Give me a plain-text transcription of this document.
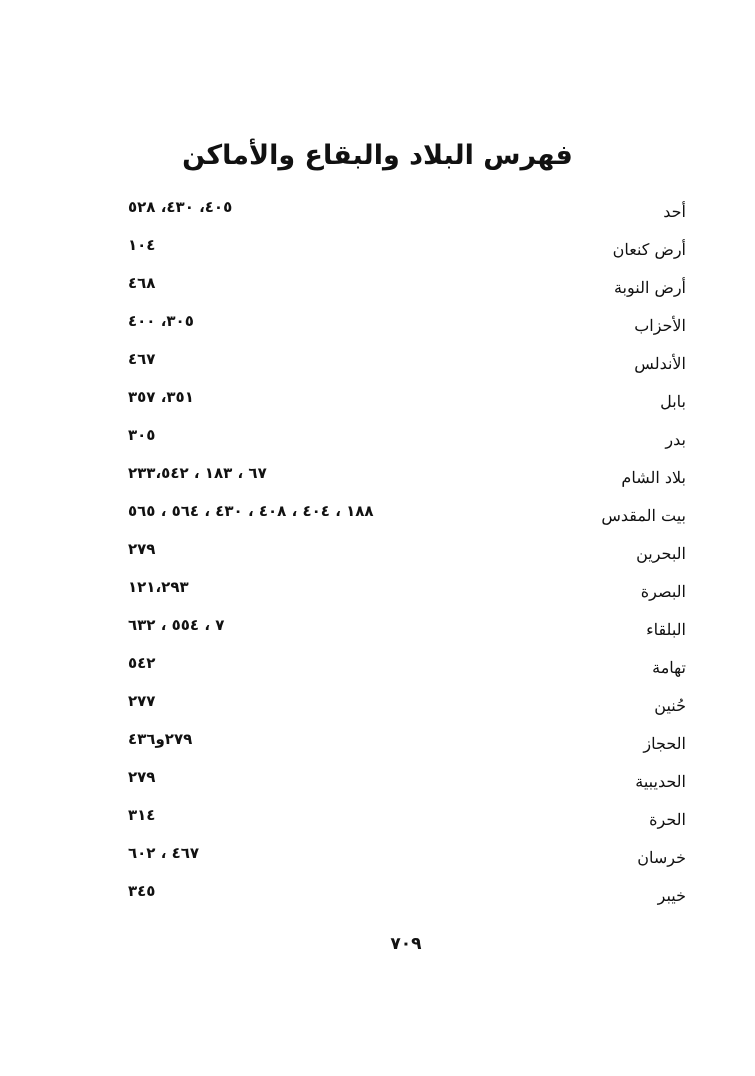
فهرس البلاد والبقاع والأماكن
أحد
٤٠٥، ٤٣٠، ٥٢٨
أرض كنعان
١٠٤
أرض النوبة
٤٦٨
الأحزاب
٣٠٥، ٤٠٠
الأندلس
٤٦٧
بابل
٣٥١، ٣٥٧
بدر
٣٠٥
بلاد الشام
٦٧ ، ١٨٣ ، ٢٣٣،٥٤٢
بيت المقدس
١٨٨ ، ٤٠٤ ، ٤٠٨ ، ٤٣٠ ، ٥٦٤ ، ٥٦٥
البحرين
٢٧٩
البصرة
١٢١،٢٩٣
البلقاء
٧ ، ٥٥٤ ، ٦٣٢
تهامة
٥٤٢
حُنين
٢٧٧
الحجاز
٢٧٩و٤٣٦
الحديبية
٢٧٩
الحرة
٣١٤
خرسان
٤٦٧ ، ٦٠٢
خيبر
٣٤٥
٧٠٩
